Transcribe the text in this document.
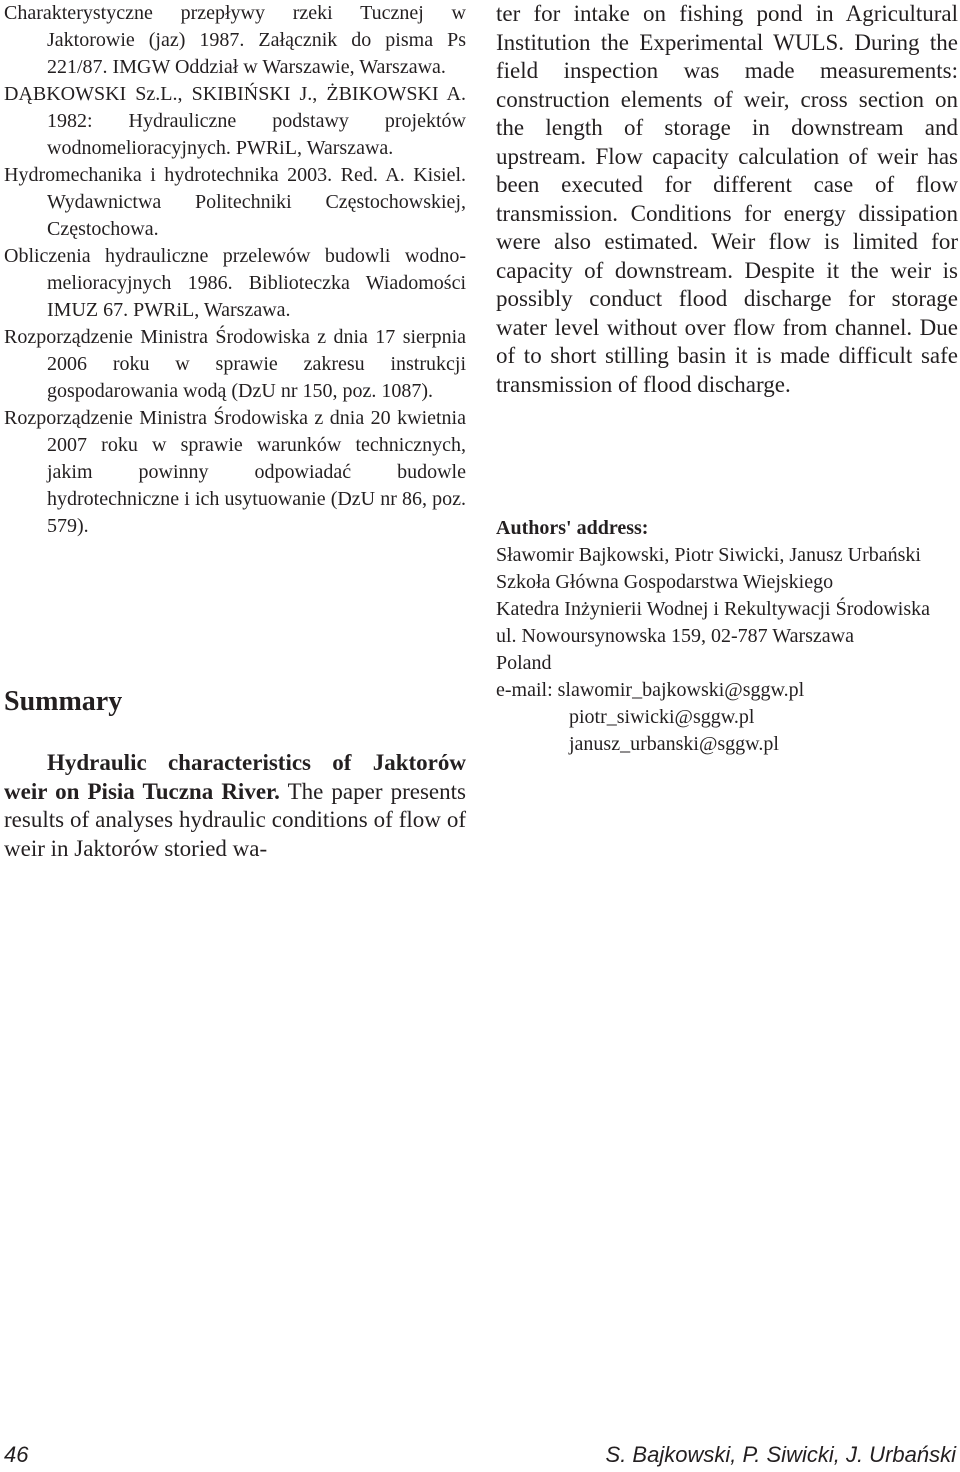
Charakterystyczne przepływy rzeki Tucznej w Jaktorowie (jaz) 1987. Załącznik do pisma Ps 221/87. IMGW Oddział w Warszawie, Warszawa.

DĄBKOWSKI Sz.L., SKIBIŃSKI J., ŻBIKOWSKI A. 1982: Hydrauliczne podstawy projektów wodnomelioracyjnych. PWRiL, Warszawa.

Hydromechanika i hydrotechnika 2003. Red. A. Kisiel. Wydawnictwa Politechniki Częstochowskiej, Częstochowa.

Obliczenia hydrauliczne przelewów budowli wodno-melioracyjnych 1986. Biblioteczka Wiadomości IMUZ 67. PWRiL, Warszawa.

Rozporządzenie Ministra Środowiska z dnia 17 sierpnia 2006 roku w sprawie zakresu instrukcji gospodarowania wodą (DzU nr 150, poz. 1087).

Rozporządzenie Ministra Środowiska z dnia 20 kwietnia 2007 roku w sprawie warunków technicznych, jakim powinny odpowiadać budowle hydrotechniczne i ich usytuowanie (DzU nr 86, poz. 579).

Summary

Hydraulic characteristics of Jaktorów weir on Pisia Tuczna River. The paper presents results of analyses hydraulic conditions of flow of weir in Jaktorów storied wa-

ter for intake on fishing pond in Agricultural Institution the Experimental WULS. During the field inspection was made measurements: construction elements of weir, cross section on the length of storage in downstream and upstream. Flow capacity calculation of weir has been executed for different case of flow transmission. Conditions for energy dissipation were also estimated. Weir flow is limited for capacity of downstream. Despite it the weir is possibly conduct flood discharge for storage water level without over flow from channel. Due of to short stilling basin it is made difficult safe transmission of flood discharge.

Authors' address:

Sławomir Bajkowski, Piotr Siwicki, Janusz Urbański

Szkoła Główna Gospodarstwa Wiejskiego

Katedra Inżynierii Wodnej i Rekultywacji Środowiska

ul. Nowoursynowska 159, 02-787 Warszawa

Poland

e-mail: slawomir_bajkowski@sggw.pl

piotr_siwicki@sggw.pl

janusz_urbanski@sggw.pl

46	S. Bajkowski, P. Siwicki, J. Urbański
